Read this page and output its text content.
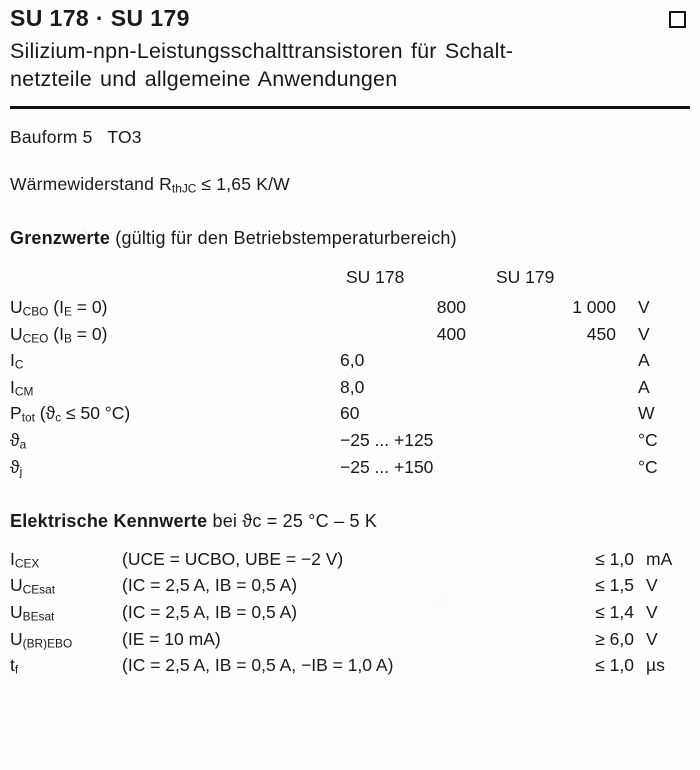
SU 178 · SU 179
Silizium-npn-Leistungsschalttransistoren für Schalt-
netzteile und allgemeine Anwendungen
Bauform 5 TO3
Wärmewiderstand $R_{thJC} \le 1,65$ K/W
Grenzwerte (gültig für den Betriebstemperaturbereich)
	SU 178	SU 179	
$U_{CBO}$ $(I_E = 0)$	800	1 000	V
$U_{CEO}$ $(I_B = 0)$	400	450	V
$I_C$	6,0		A
$I_{CM}$	8,0		A
$P_{tot}$ ($ϑ_c \le 50$ °C)	60		W
$ϑ_a$	−25 ... +125		°C
$ϑ_j$	−25 ... +150		°C
Elektrische Kennwerte bei ϑc = 25 °C – 5 K
$I_{CEX}$	(UCE = UCBO, UBE = −2 V)	≤ 1,0	mA
$U_{CEsat}$	(IC = 2,5 A, IB = 0,5 A)	≤ 1,5	V
$U_{BEsat}$	(IC = 2,5 A, IB = 0,5 A)	≤ 1,4	V
$U_{(BR)EBO}$	(IE = 10 mA)	≥ 6,0	V
$t_f$	(IC = 2,5 A, IB = 0,5 A, −IB = 1,0 A)	≤ 1,0	µs
